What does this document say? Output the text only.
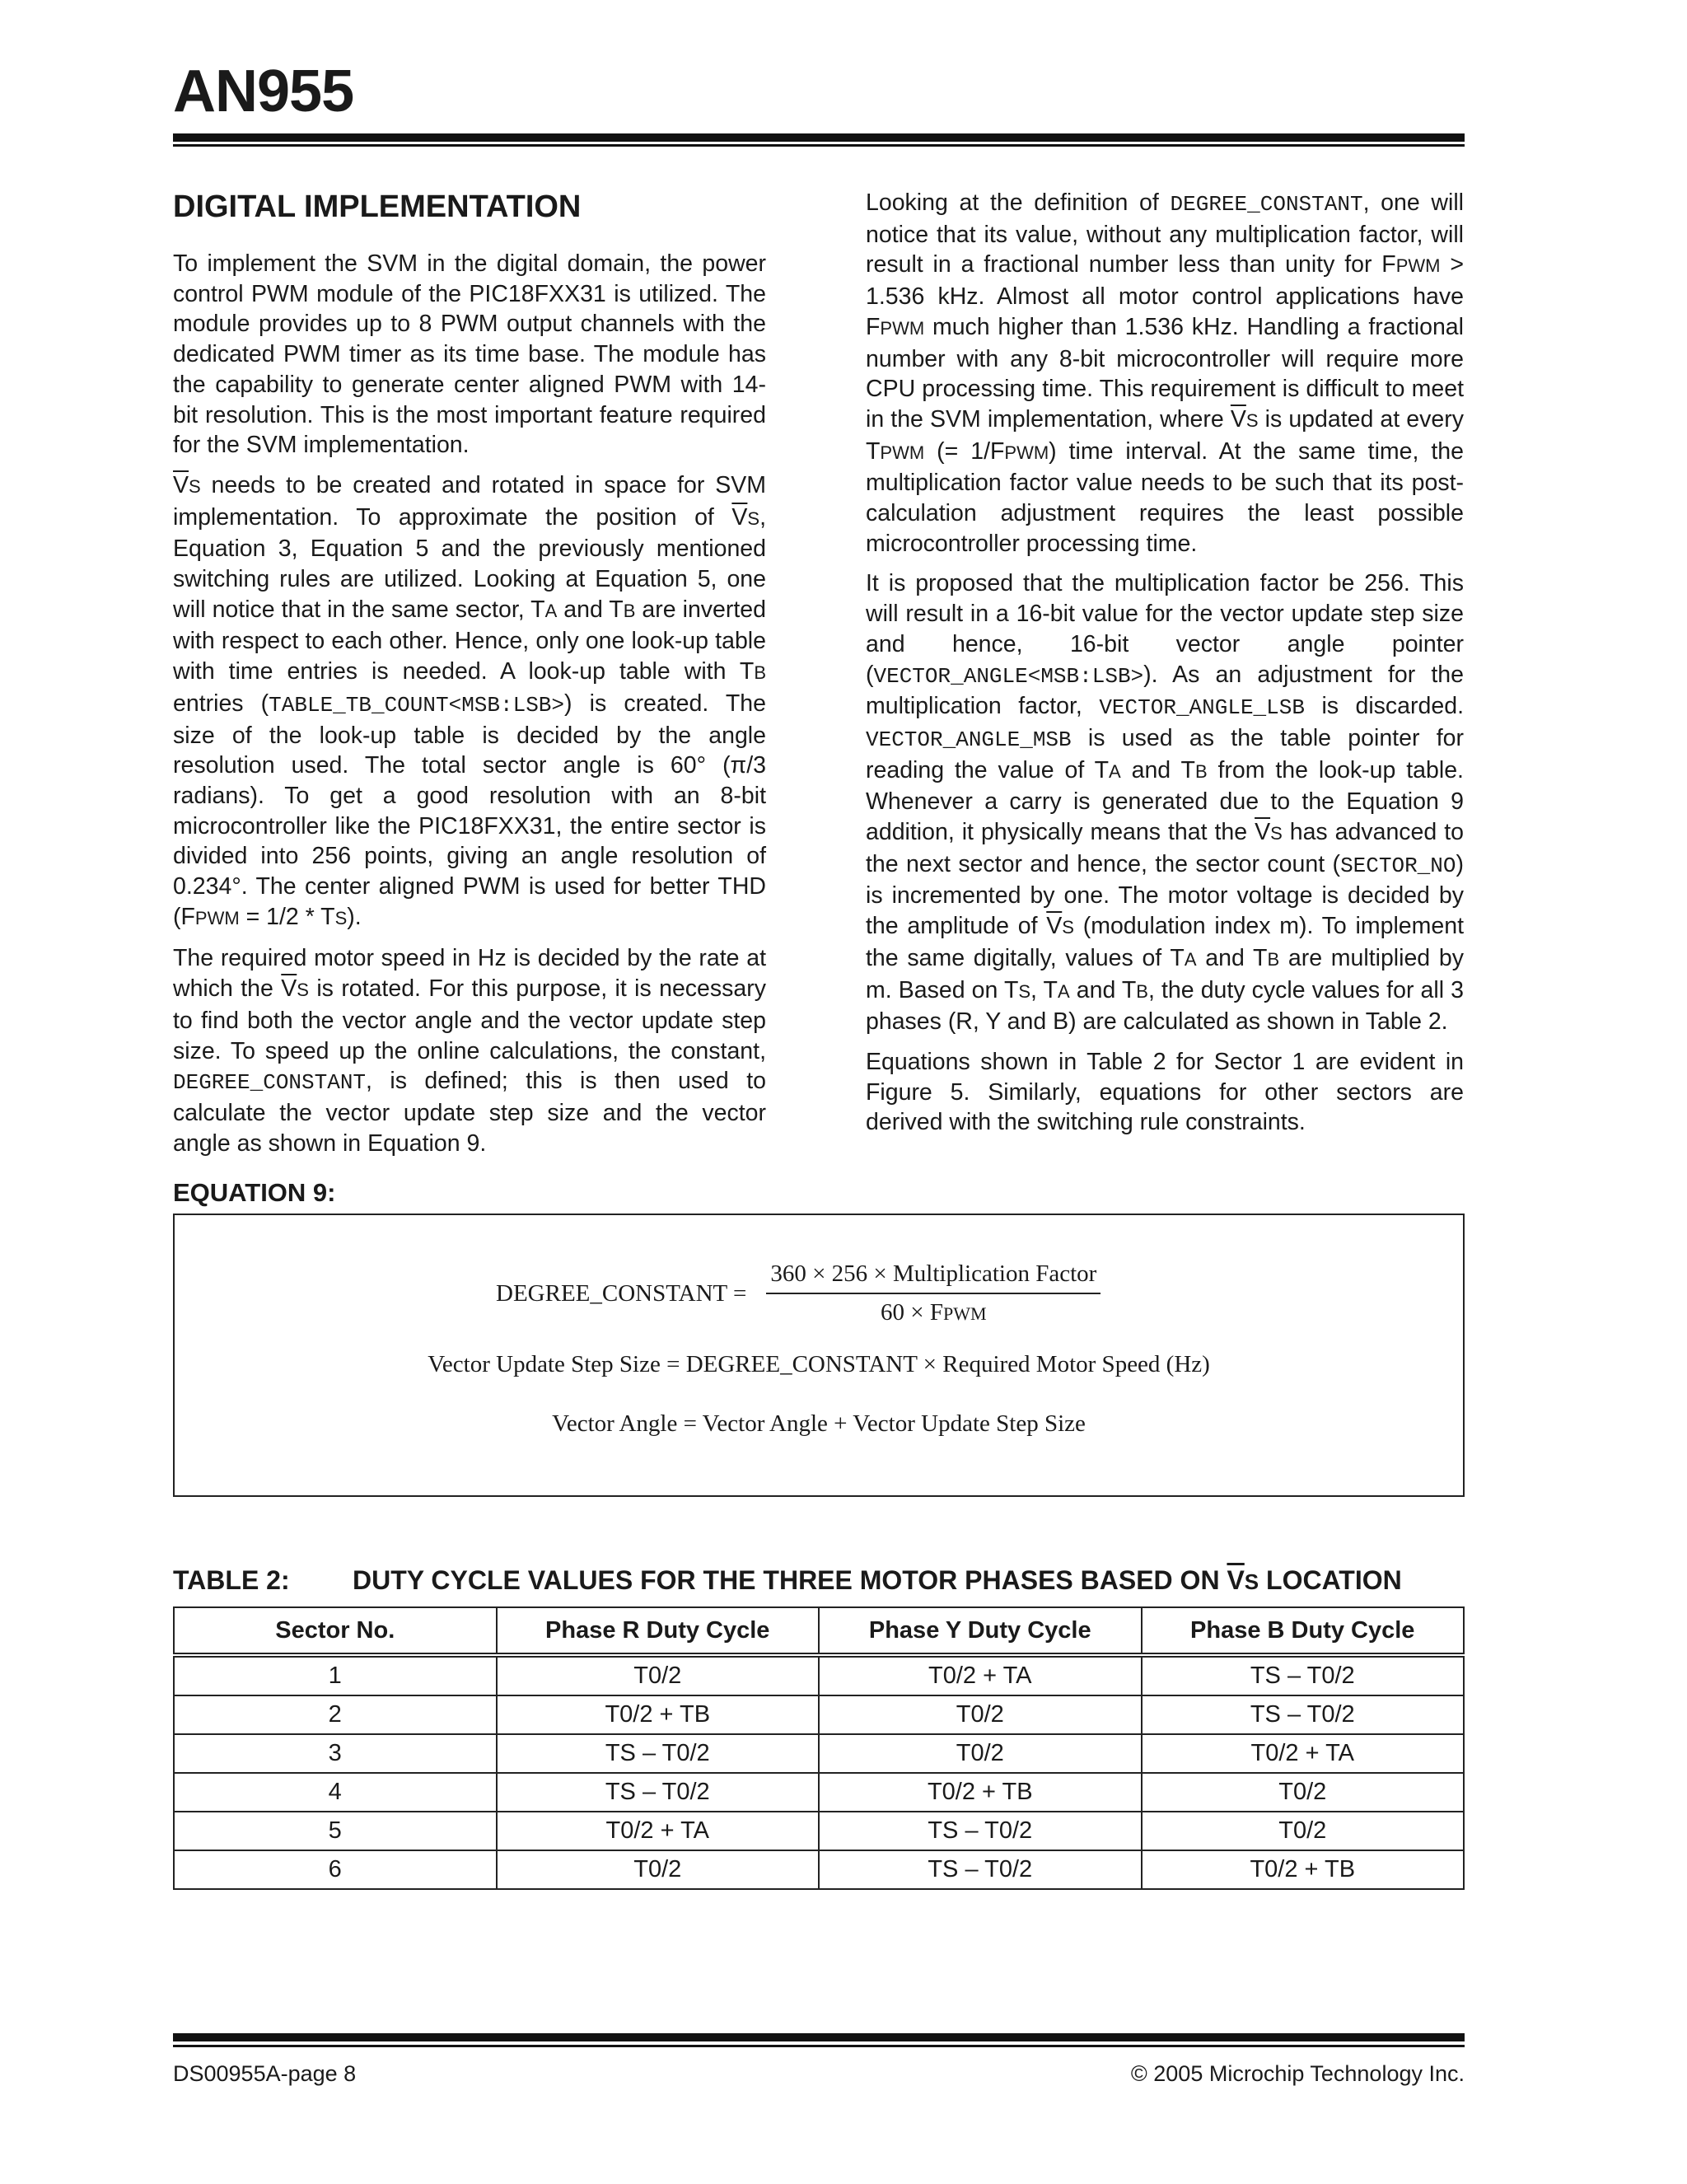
AN955
DIGITAL IMPLEMENTATION

To implement the SVM in the digital domain, the power control PWM module of the PIC18FXX31 is utilized. The module provides up to 8 PWM output channels with the dedicated PWM timer as its time base. The module has the capability to generate center aligned PWM with 14-bit resolution. This is the most important feature required for the SVM implementation.

$\overline{V}S$ needs to be created and rotated in space for SVM implementation. To approximate the position of $\overline{V}S$, Equation 3, Equation 5 and the previously mentioned switching rules are utilized. Looking at Equation 5, one will notice that in the same sector, TA and TB are inverted with respect to each other. Hence, only one look-up table with time entries is needed. A look-up table with TB entries (TABLE_TB_COUNT<MSB:LSB>) is created. The size of the look-up table is decided by the angle resolution used. The total sector angle is 60° (π/3 radians). To get a good resolution with an 8-bit microcontroller like the PIC18FXX31, the entire sector is divided into 256 points, giving an angle resolution of 0.234°. The center aligned PWM is used for better THD (FPWM = 1/2 * TS).

The required motor speed in Hz is decided by the rate at which the $\overline{V}S$ is rotated. For this purpose, it is necessary to find both the vector angle and the vector update step size. To speed up the online calculations, the constant, DEGREE_CONSTANT, is defined; this is then used to calculate the vector update step size and the vector angle as shown in Equation 9.

Looking at the definition of DEGREE_CONSTANT, one will notice that its value, without any multiplication factor, will result in a fractional number less than unity for FPWM > 1.536 kHz. Almost all motor control applications have FPWM much higher than 1.536 kHz. Handling a fractional number with any 8-bit microcontroller will require more CPU processing time. This requirement is difficult to meet in the SVM implementation, where $\overline{V}S$ is updated at every TPWM (= 1/FPWM) time interval. At the same time, the multiplication factor value needs to be such that its post-calculation adjustment requires the least possible microcontroller processing time.

It is proposed that the multiplication factor be 256. This will result in a 16-bit value for the vector update step size and hence, 16-bit vector angle pointer (VECTOR_ANGLE<MSB:LSB>). As an adjustment for the multiplication factor, VECTOR_ANGLE_LSB is discarded. VECTOR_ANGLE_MSB is used as the table pointer for reading the value of TA and TB from the look-up table. Whenever a carry is generated due to the Equation 9 addition, it physically means that the $\overline{V}S$ has advanced to the next sector and hence, the sector count (SECTOR_NO) is incremented by one. The motor voltage is decided by the amplitude of $\overline{V}S$ (modulation index m). To implement the same digitally, values of TA and TB are multiplied by m. Based on TS, TA and TB, the duty cycle values for all 3 phases (R, Y and B) are calculated as shown in Table 2.

Equations shown in Table 2 for Sector 1 are evident in Figure 5. Similarly, equations for other sectors are derived with the switching rule constraints.

EQUATION 9:
DEGREE_CONSTANT = $\frac{\text{360 × 256 × Multiplication Factor}}{\text{60 × FPWM}}$
Vector Update Step Size = DEGREE_CONSTANT × Required Motor Speed (Hz)
Vector Angle = Vector Angle + Vector Update Step Size
TABLE 2: DUTY CYCLE VALUES FOR THE THREE MOTOR PHASES BASED ON $\overline{V}S$ LOCATION
Sector No.	Phase R Duty Cycle	Phase Y Duty Cycle	Phase B Duty Cycle
1	T0/2	T0/2 + TA	TS – T0/2
2	T0/2 + TB	T0/2	TS – T0/2
3	TS – T0/2	T0/2	T0/2 + TA
4	TS – T0/2	T0/2 + TB	T0/2
5	T0/2 + TA	TS – T0/2	T0/2
6	T0/2	TS – T0/2	T0/2 + TB
DS00955A-page 8	© 2005 Microchip Technology Inc.
